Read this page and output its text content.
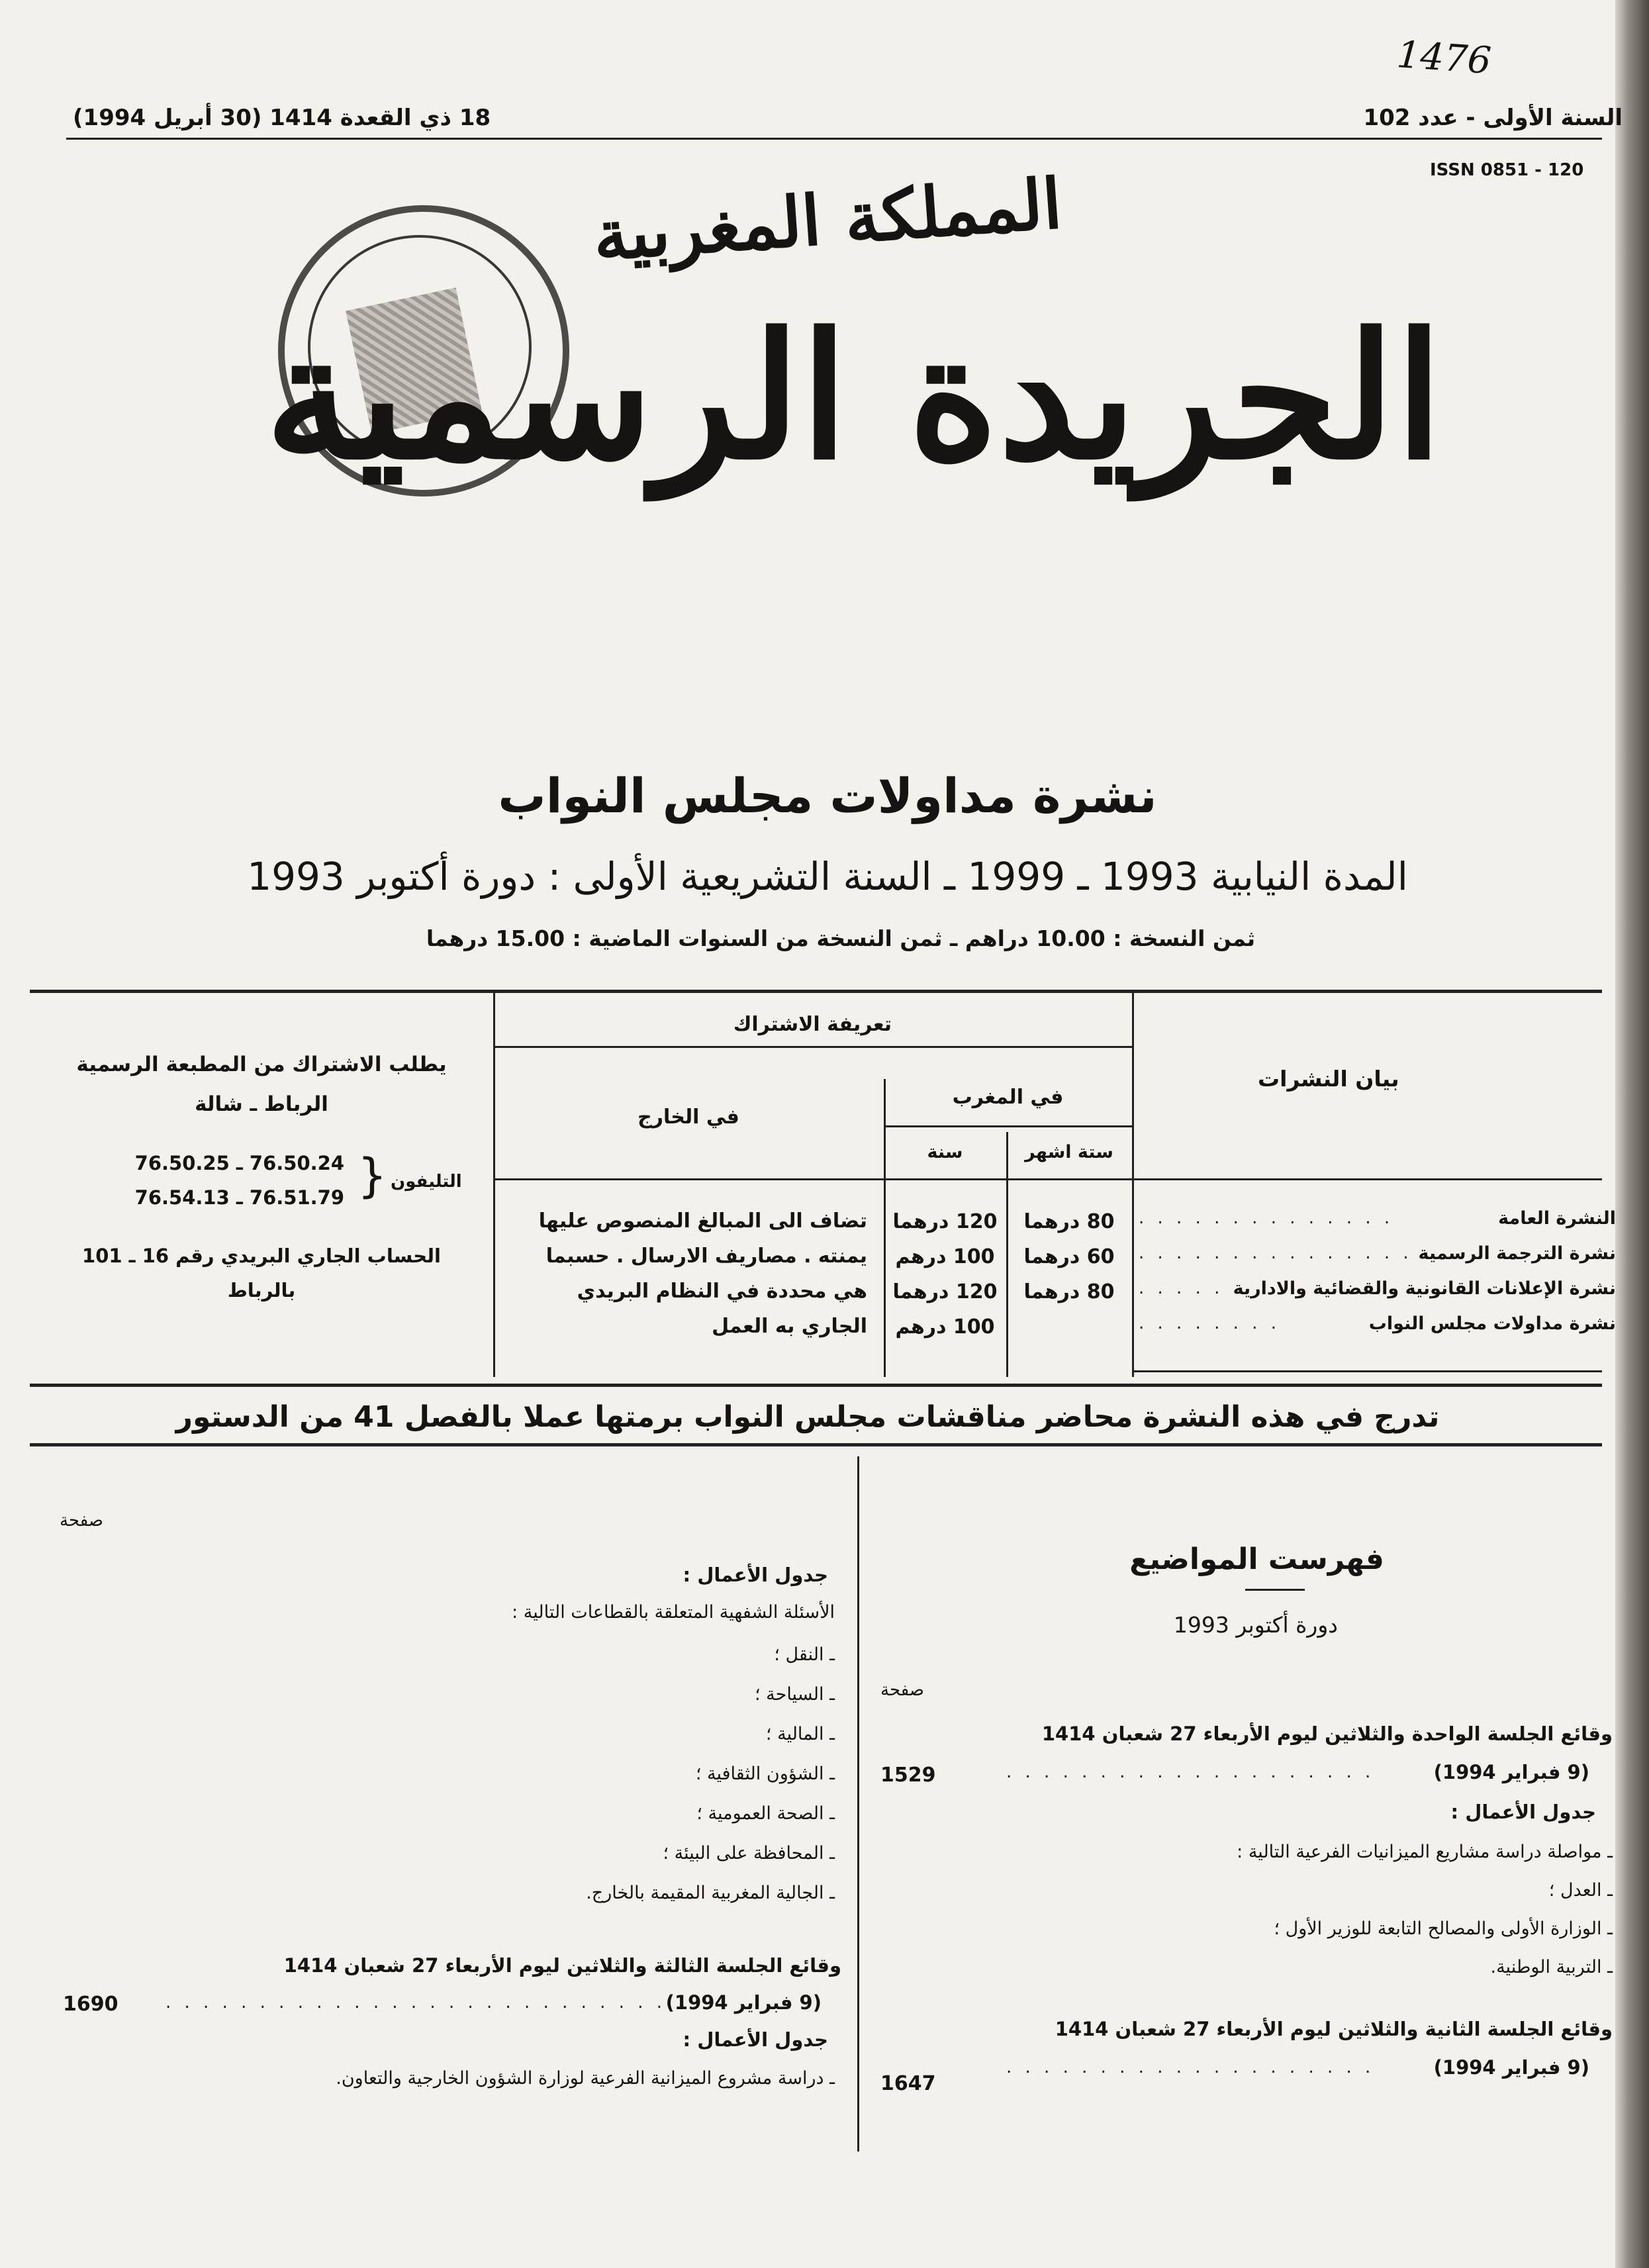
السنة الأولى - عدد 102
18 ذي القعدة 1414 (30 أبريل 1994)
ISSN 0851 - 120
1476
المملكة المغربية
الجريدة الرسمية
نشرة مداولات مجلس النواب
المدة النيابية 1993 ـ 1999 ـ السنة التشريعية الأولى : دورة أكتوبر 1993
ثمن النسخة : 10.00 دراهم ـ ثمن النسخة من السنوات الماضية : 15.00 درهما
بيان النشرات
تعريفة الاشتراك
في المغرب
في الخارج
ستة اشهر
سنة
النشرة العامة
نشرة الترجمة الرسمية
نشرة الإعلانات القانونية والقضائية والادارية
نشرة مداولات مجلس النواب
. . . . . . . . . . . . . .
. . . . . . . . . . . . . . .
. . . . .
. . . . . . . .
80 درهما
60 درهما
80 درهما
120 درهما
100 درهم
120 درهما
100 درهم
تضاف الى المبالغ المنصوص عليها يمنته . مصاريف الارسال . حسبما هي محددة في النظام البريدي الجاري به العمل
يطلب الاشتراك من المطبعة الرسمية
الرباط ـ شالة
التليفون
{
76.50.24 ـ 76.50.25
76.51.79 ـ 76.54.13
الحساب الجاري البريدي رقم 16 ـ 101
بالرباط
تدرج في هذه النشرة محاضر مناقشات مجلس النواب برمتها عملا بالفصل 41 من الدستور
فهرست المواضيع
دورة أكتوبر 1993
صفحة
وقائع الجلسة الواحدة والثلاثين ليوم الأربعاء 27 شعبان 1414
(9 فبراير 1994)
. . . . . . . . . . . . . . . . . . . .
1529
جدول الأعمال :
ـ مواصلة دراسة مشاريع الميزانيات الفرعية التالية :
ـ العدل ؛
ـ الوزارة الأولى والمصالح التابعة للوزير الأول ؛
ـ التربية الوطنية.
وقائع الجلسة الثانية والثلاثين ليوم الأربعاء 27 شعبان 1414
(9 فبراير 1994)
. . . . . . . . . . . . . . . . . . . .
1647
صفحة
جدول الأعمال :
الأسئلة الشفهية المتعلقة بالقطاعات التالية :
ـ النقل ؛
ـ السياحة ؛
ـ المالية ؛
ـ الشؤون الثقافية ؛
ـ الصحة العمومية ؛
ـ المحافظة على البيئة ؛
ـ الجالية المغربية المقيمة بالخارج.
وقائع الجلسة الثالثة والثلاثين ليوم الأربعاء 27 شعبان 1414
(9 فبراير 1994)
. . . . . . . . . . . . . . . . . . . . . . . . . . .
1690
جدول الأعمال :
ـ دراسة مشروع الميزانية الفرعية لوزارة الشؤون الخارجية والتعاون.
